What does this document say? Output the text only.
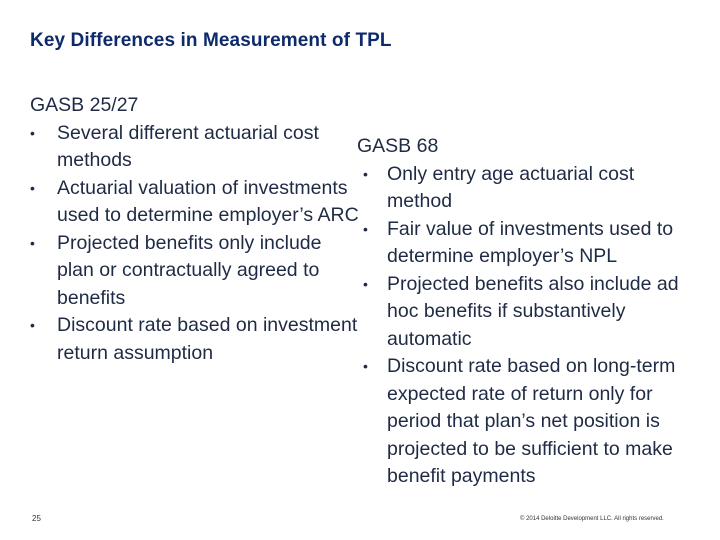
Key Differences in Measurement of TPL
GASB 25/27
•	Several different actuarial cost methods
•	Actuarial valuation of investments used to determine employer’s ARC
•	Projected benefits only include plan or contractually agreed to benefits
•	Discount rate based on investment return assumption
GASB 68
• Only entry age actuarial cost method
• Fair value of investments used to determine employer’s NPL
• Projected benefits also include ad hoc benefits if substantively automatic
• Discount rate based on long-term expected rate of return only for period that plan’s net position is projected to be sufficient to make benefit payments
25	© 2014 Deloitte Development LLC. All rights reserved.
